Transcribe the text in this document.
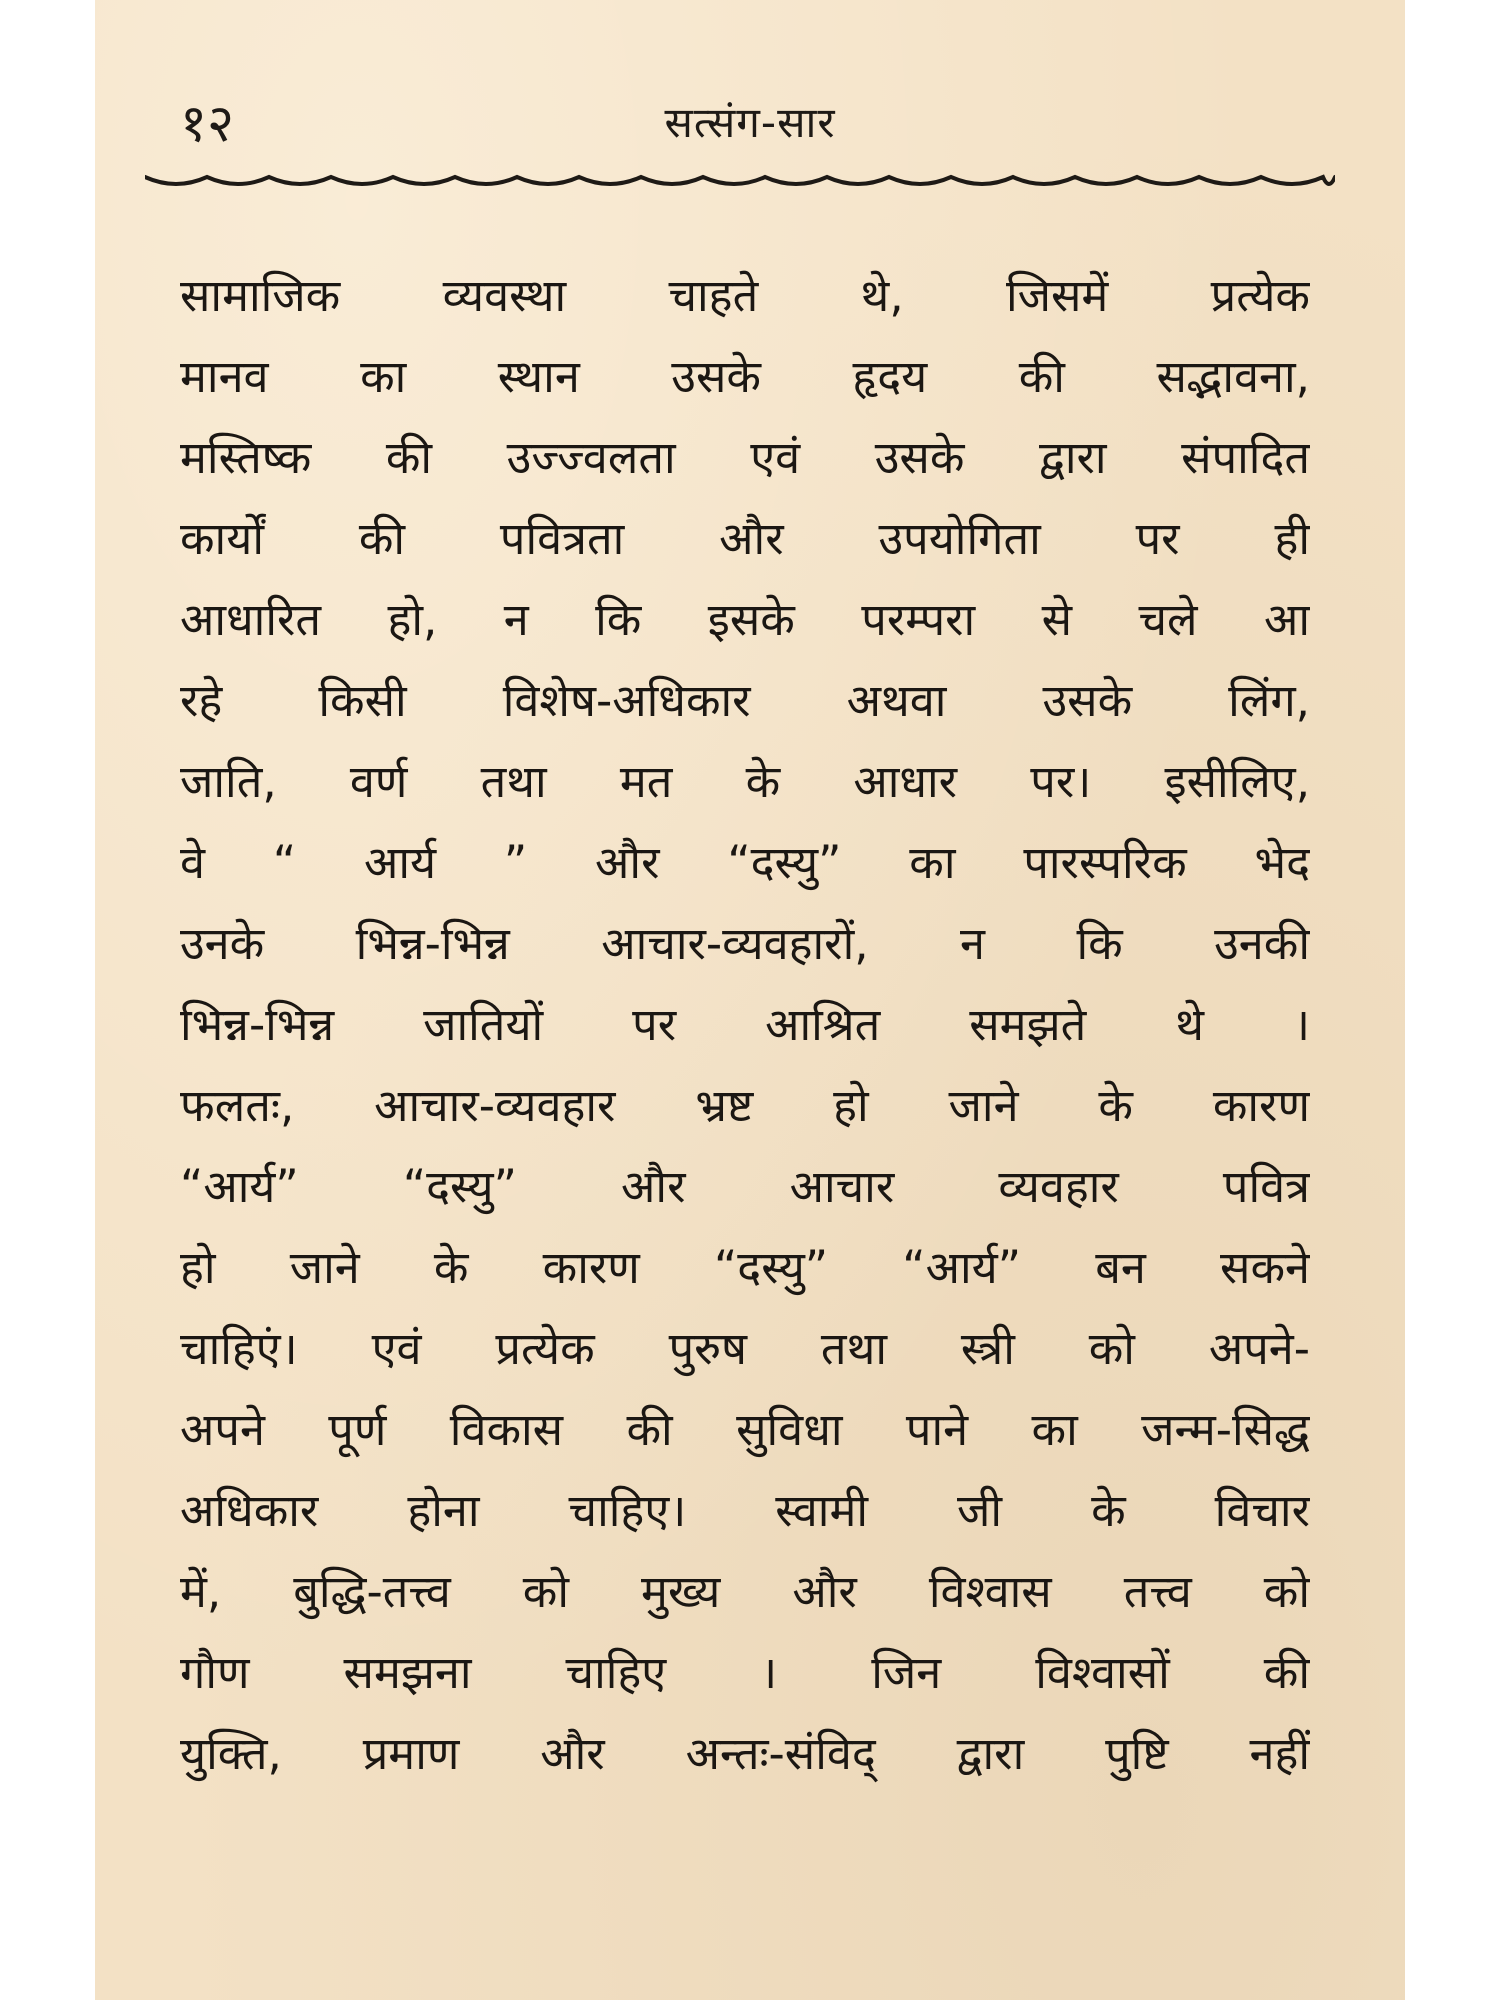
१२	सत्संग-सार
सामाजिक व्यवस्था चाहते थे, जिसमें प्रत्येक
मानव का स्थान उसके हृदय की सद्भावना,
मस्तिष्क की उज्ज्वलता एवं उसके द्वारा संपादित
कार्यों की पवित्रता और उपयोगिता पर ही
आधारित हो, न कि इसके परम्परा से चले आ
रहे किसी विशेष-अधिकार अथवा उसके लिंग,
जाति, वर्ण तथा मत के आधार पर। इसीलिए,
वे “ आर्य ” और “दस्यु” का पारस्परिक भेद
उनके भिन्न-भिन्न आचार-व्यवहारों, न कि उनकी
भिन्न-भिन्न जातियों पर आश्रित समझते थे ।
फलतः, आचार-व्यवहार भ्रष्ट हो जाने के कारण
“आर्य” “दस्यु” और आचार व्यवहार पवित्र
हो जाने के कारण “दस्यु” “आर्य” बन सकने
चाहिएं। एवं प्रत्येक पुरुष तथा स्त्री को अपने-
अपने पूर्ण विकास की सुविधा पाने का जन्म-सिद्ध
अधिकार होना चाहिए। स्वामी जी के विचार
में, बुद्धि-तत्त्व को मुख्य और विश्वास तत्त्व को
गौण समझना चाहिए । जिन विश्वासों की
युक्ति, प्रमाण और अन्तः-संविद् द्वारा पुष्टि नहीं
